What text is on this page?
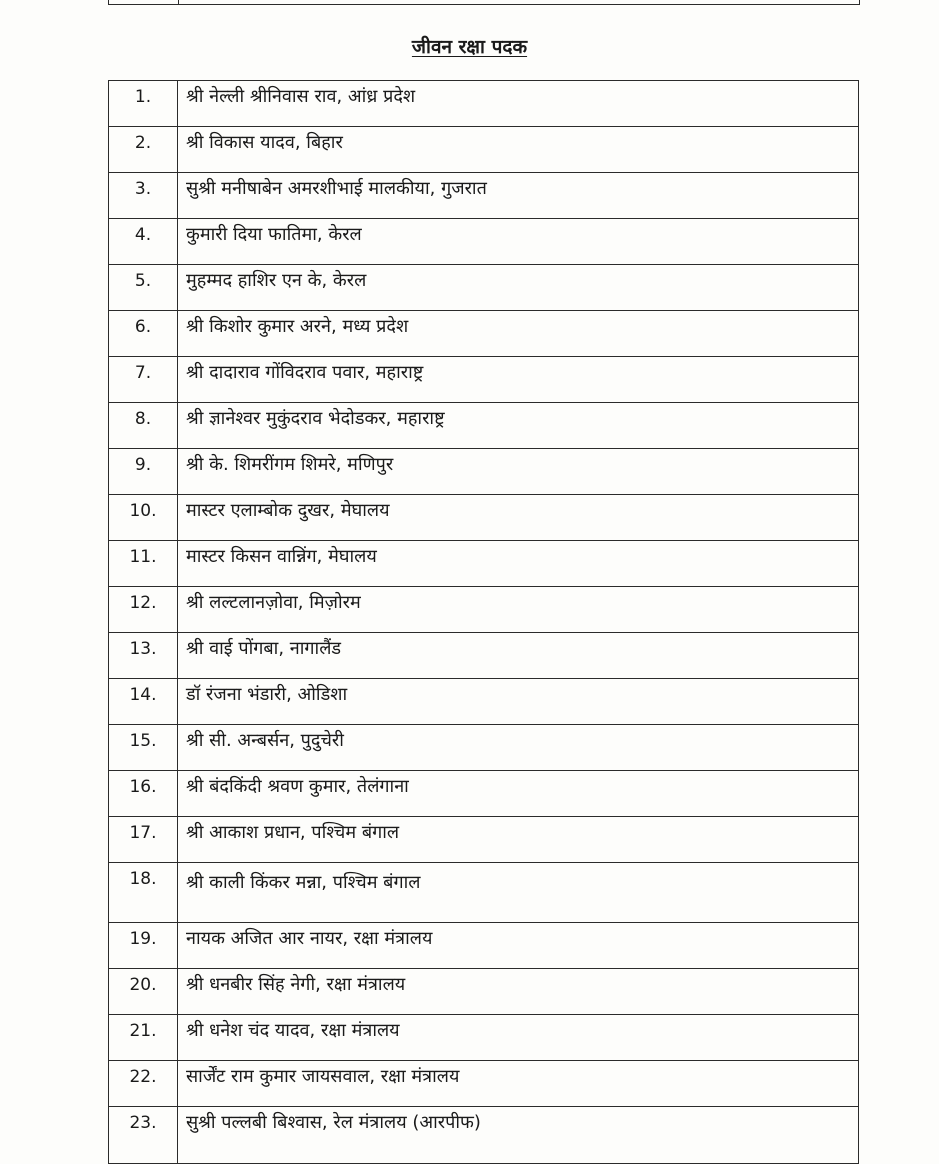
जीवन रक्षा पदक
1.	श्री नेल्ली श्रीनिवास राव, आंध्र प्रदेश
2.	श्री विकास यादव, बिहार
3.	सुश्री मनीषाबेन अमरशीभाई मालकीया, गुजरात
4.	कुमारी दिया फातिमा, केरल
5.	मुहम्मद हाशिर एन के, केरल
6.	श्री किशोर कुमार अरने, मध्य प्रदेश
7.	श्री दादाराव गोंविदराव पवार, महाराष्ट्र
8.	श्री ज्ञानेश्वर मुकुंदराव भेदोडकर, महाराष्ट्र
9.	श्री के. शिमरींगम शिमरे, मणिपुर
10.	मास्टर एलाम्बोक दुखर, मेघालय
11.	मास्टर किसन वान्निंग, मेघालय
12.	श्री लल्टलानज़ोवा, मिज़ोरम
13.	श्री वाई पोंगबा, नागालैंड
14.	डॉ रंजना भंडारी, ओडिशा
15.	श्री सी. अन्बर्सन, पुदुचेरी
16.	श्री बंदकिंदी श्रवण कुमार, तेलंगाना
17.	श्री आकाश प्रधान, पश्चिम बंगाल
18.	श्री काली किंकर मन्ना, पश्चिम बंगाल
19.	नायक अजित आर नायर, रक्षा मंत्रालय
20.	श्री धनबीर सिंह नेगी, रक्षा मंत्रालय
21.	श्री धनेश चंद यादव, रक्षा मंत्रालय
22.	सार्जेंट राम कुमार जायसवाल, रक्षा मंत्रालय
23.	सुश्री पल्लबी बिश्वास, रेल मंत्रालय (आरपीफ)
